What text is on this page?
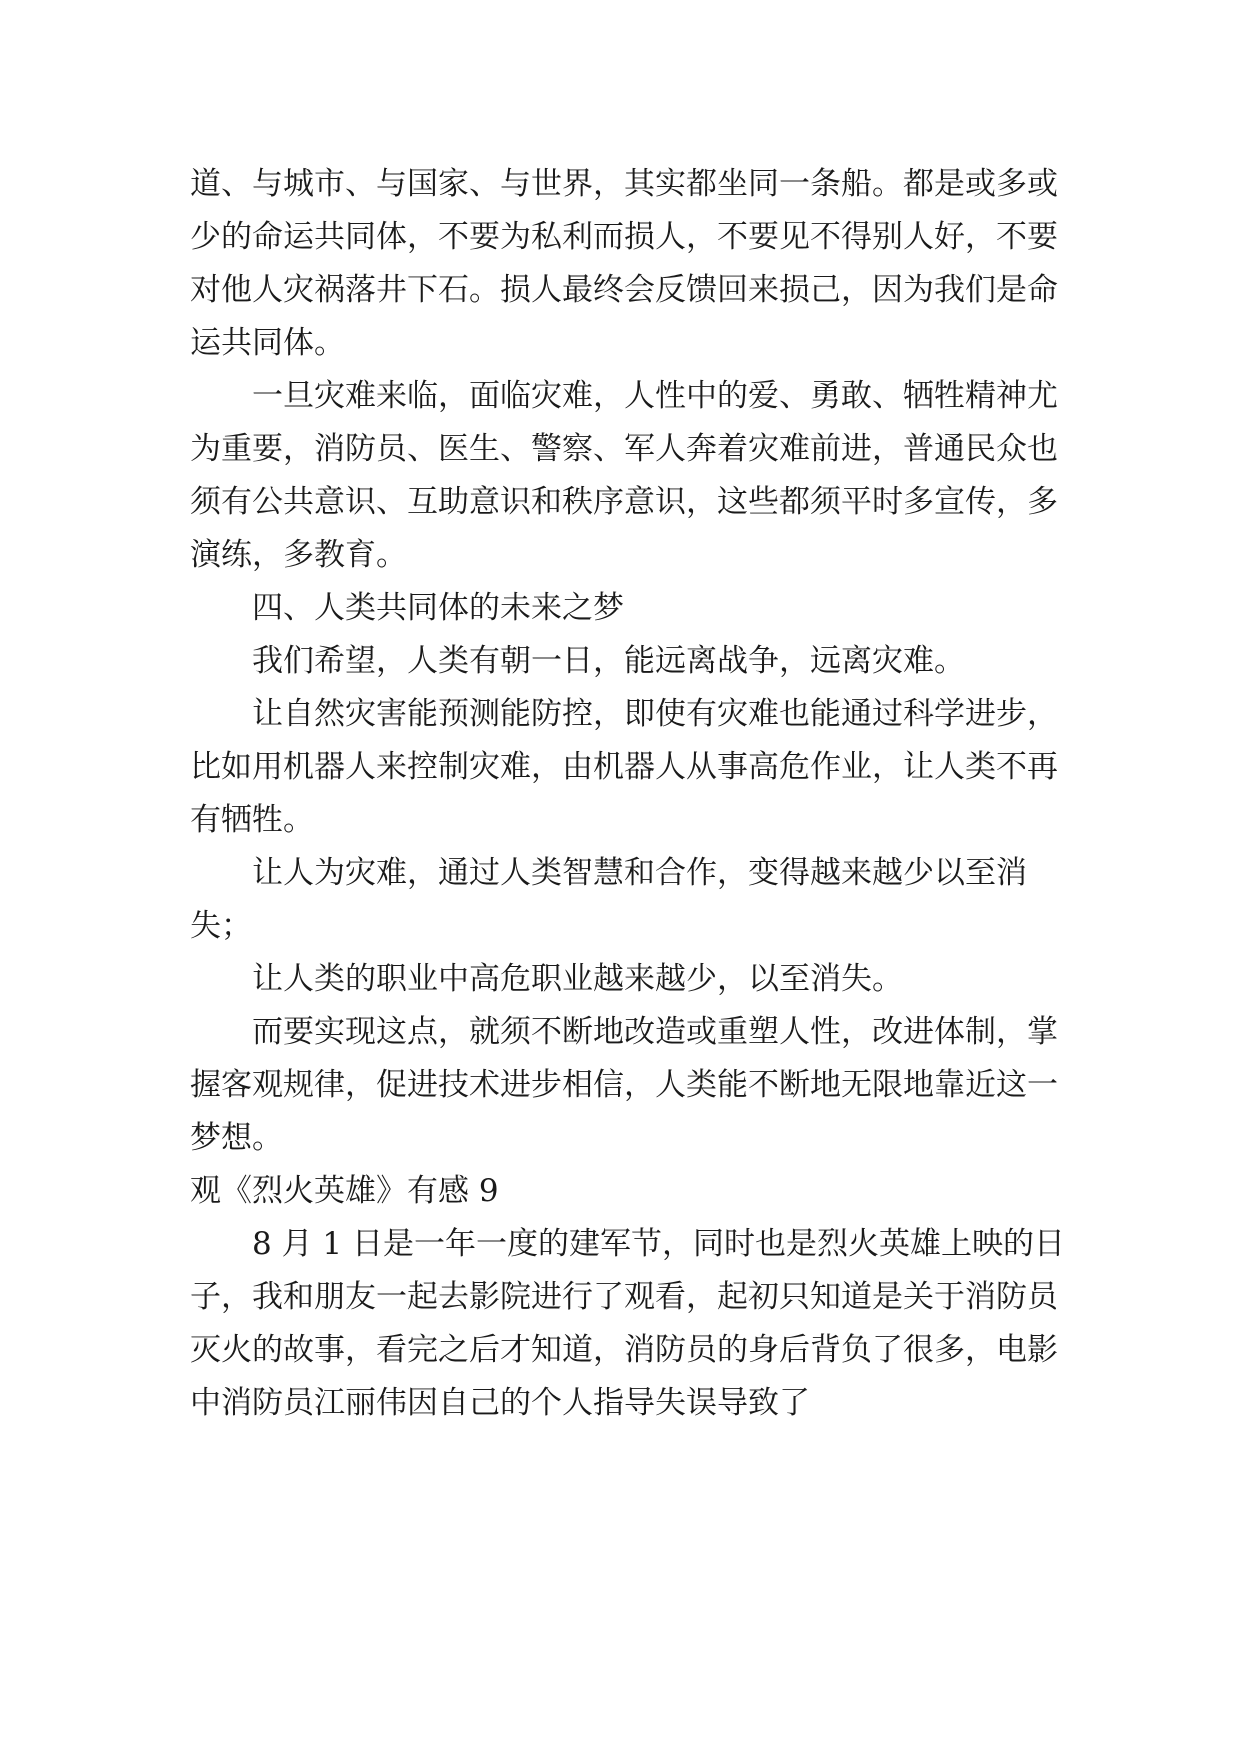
道、与城市、与国家、与世界，其实都坐同一条船。都是或多或少的命运共同体，不要为私利而损人，不要见不得别人好，不要对他人灾祸落井下石。损人最终会反馈回来损己，因为我们是命运共同体。

一旦灾难来临，面临灾难，人性中的爱、勇敢、牺牲精神尤为重要，消防员、医生、警察、军人奔着灾难前进，普通民众也须有公共意识、互助意识和秩序意识，这些都须平时多宣传，多演练，多教育。

四、人类共同体的未来之梦

我们希望，人类有朝一日，能远离战争，远离灾难。

让自然灾害能预测能防控，即使有灾难也能通过科学进步，比如用机器人来控制灾难，由机器人从事高危作业，让人类不再有牺牲。

让人为灾难，通过人类智慧和合作，变得越来越少以至消失；

让人类的职业中高危职业越来越少，以至消失。

而要实现这点，就须不断地改造或重塑人性，改进体制，掌握客观规律，促进技术进步相信，人类能不断地无限地靠近这一梦想。

观《烈火英雄》有感 9

8 月 1 日是一年一度的建军节，同时也是烈火英雄上映的日子，我和朋友一起去影院进行了观看，起初只知道是关于消防员灭火的故事，看完之后才知道，消防员的身后背负了很多，电影中消防员江丽伟因自己的个人指导失误导致了
